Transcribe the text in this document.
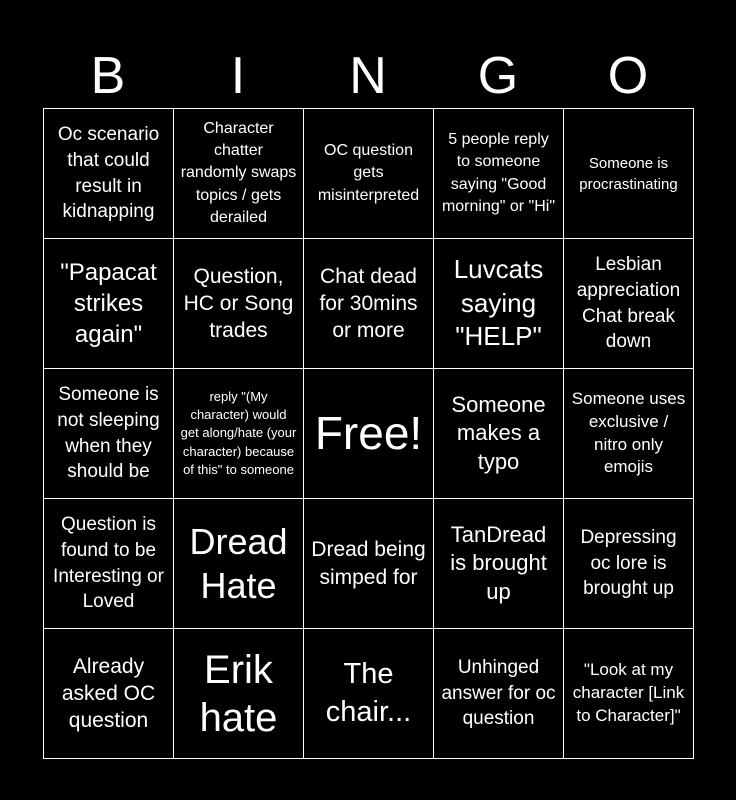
B	I	N	G	O
Oc scenario that could result in kidnapping
Character chatter randomly swaps topics / gets derailed
OC question gets misinterpreted
5 people reply to someone saying "Good morning" or "Hi"
Someone is procrastinating
"Papacat strikes again"
Question, HC or Song trades
Chat dead for 30mins or more
Luvcats saying "HELP"
Lesbian appreciation Chat break down
Someone is not sleeping when they should be
reply "(My character) would get along/hate (your character) because of this" to someone
Free!
Someone makes a typo
Someone uses exclusive / nitro only emojis
Question is found to be Interesting or Loved
Dread Hate
Dread being simped for
TanDread is brought up
Depressing oc lore is brought up
Already asked OC question
Erik hate
The chair...
Unhinged answer for oc question
"Look at my character [Link to Character]"
